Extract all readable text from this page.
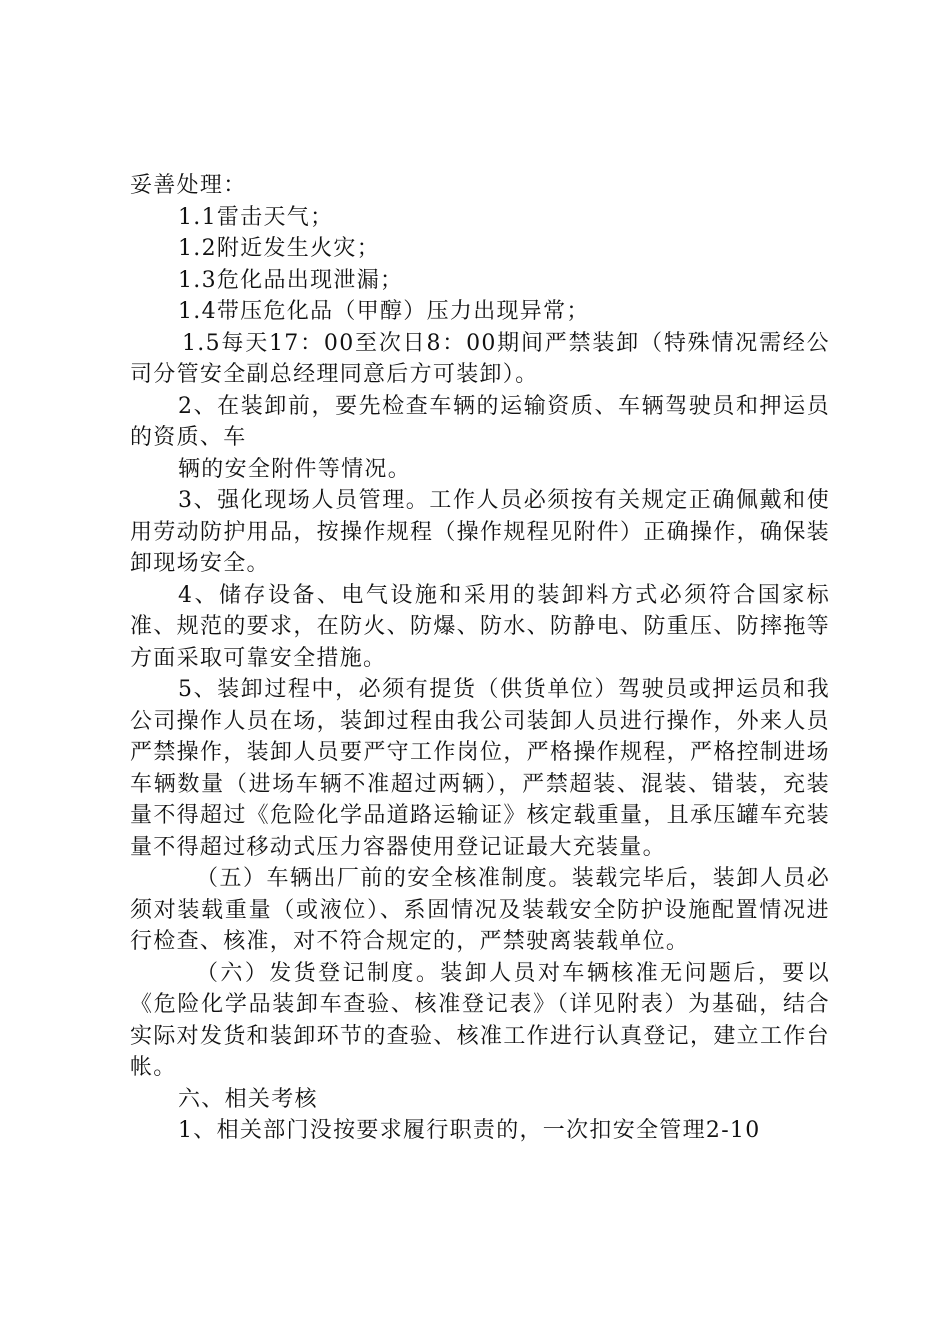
妥善处理：

1.1雷击天气；

1.2附近发生火灾；

1.3危化品出现泄漏；

1.4带压危化品（甲醇）压力出现异常；

1.5每天17：00至次日8：00期间严禁装卸（特殊情况需经公司分管安全副总经理同意后方可装卸）。

2、在装卸前，要先检查车辆的运输资质、车辆驾驶员和押运员的资质、车

辆的安全附件等情况。

3、强化现场人员管理。工作人员必须按有关规定正确佩戴和使用劳动防护用品，按操作规程（操作规程见附件）正确操作，确保装卸现场安全。

4、储存设备、电气设施和采用的装卸料方式必须符合国家标准、规范的要求，在防火、防爆、防水、防静电、防重压、防摔拖等方面采取可靠安全措施。

5、装卸过程中，必须有提货（供货单位）驾驶员或押运员和我公司操作人员在场，装卸过程由我公司装卸人员进行操作，外来人员严禁操作，装卸人员要严守工作岗位，严格操作规程，严格控制进场车辆数量（进场车辆不准超过两辆），严禁超装、混装、错装，充装量不得超过《危险化学品道路运输证》核定载重量，且承压罐车充装量不得超过移动式压力容器使用登记证最大充装量。

（五）车辆出厂前的安全核准制度。装载完毕后，装卸人员必须对装载重量（或液位）、系固情况及装载安全防护设施配置情况进行检查、核准，对不符合规定的，严禁驶离装载单位。

（六）发货登记制度。装卸人员对车辆核准无问题后，要以《危险化学品装卸车查验、核准登记表》（详见附表）为基础，结合实际对发货和装卸环节的查验、核准工作进行认真登记，建立工作台帐。

六、相关考核

1、相关部门没按要求履行职责的，一次扣安全管理2-10
